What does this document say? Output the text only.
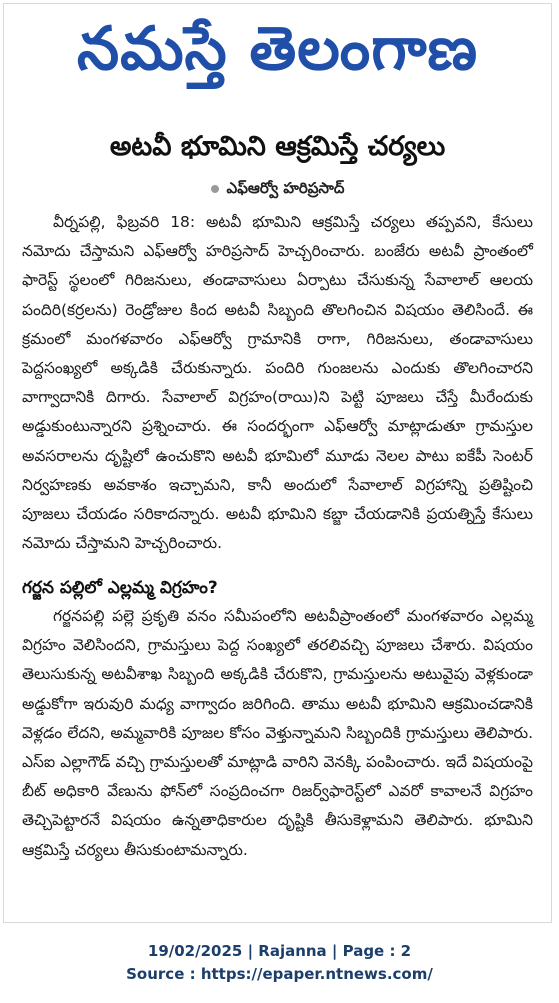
నమస్తే తెలంగాణ
అటవీ భూమిని ఆక్రమిస్తే చర్యలు
ఎఫ్‌ఆర్వో హరిప్రసాద్

వీర్నపల్లి, ఫిబ్రవరి 18: అటవీ భూమిని ఆక్రమిస్తే చర్యలు తప్పవని, కేసులు నమోదు చేస్తామని ఎఫ్‌ఆర్వో హరిప్రసాద్ హెచ్చరించారు. బంజేరు అటవీ ప్రాంతంలో ఫారెస్ట్ స్థలంలో గిరిజనులు, తండావాసులు ఏర్పాటు చేసుకున్న సేవాలాల్ ఆలయ పందిరి(కర్రలను) రెండ్రోజుల కింద అటవీ సిబ్బంది తొలగించిన విషయం తెలిసిందే. ఈ క్రమంలో మంగళవారం ఎఫ్‌ఆర్వో గ్రామానికి రాగా, గిరిజనులు, తండావాసులు పెద్దసంఖ్యలో అక్కడికి చేరుకున్నారు. పందిరి గుంజలను ఎందుకు తొలగించారని వాగ్వాదానికి దిగారు. సేవాలాల్ విగ్రహం(రాయి)ని పెట్టి పూజలు చేస్తే మీరేందుకు అడ్డుకుంటున్నారని ప్రశ్నించారు. ఈ సందర్భంగా ఎఫ్‌ఆర్వో మాట్లాడుతూ గ్రామస్తుల అవసరాలను దృష్టిలో ఉంచుకొని అటవీ భూమిలో మూడు నెలల పాటు ఐకేపీ సెంటర్ నిర్వహణకు అవకాశం ఇచ్చామని, కానీ అందులో సేవాలాల్ విగ్రహాన్ని ప్రతిష్టించి పూజలు చేయడం సరికాదన్నారు. అటవీ భూమిని కబ్జా చేయడానికి ప్రయత్నిస్తే కేసులు నమోదు చేస్తామని హెచ్చరించారు.

గర్జన పల్లిలో ఎల్లమ్మ విగ్రహం?

గర్జనపల్లి పల్లె ప్రకృతి వనం సమీపంలోని అటవీప్రాంతంలో మంగళవారం ఎల్లమ్మ విగ్రహం వెలిసిందని, గ్రామస్తులు పెద్ద సంఖ్యలో తరలివచ్చి పూజలు చేశారు. విషయం తెలుసుకున్న అటవీశాఖ సిబ్బంది అక్కడికి చేరుకొని, గ్రామస్తులను అటువైపు వెళ్లకుండా అడ్డుకోగా ఇరువురి మధ్య వాగ్వాదం జరిగింది. తాము అటవీ భూమిని ఆక్రమించడానికి వెళ్లడం లేదని, అమ్మవారికి పూజల కోసం వెళ్తున్నామని సిబ్బందికి గ్రామస్తులు తెలిపారు. ఎస్ఐ ఎల్లాగౌడ్ వచ్చి గ్రామస్తులతో మాట్లాడి వారిని వెనక్కి పంపించారు. ఇదే విషయంపై బీట్ అధికారి వేణును ఫోన్‌లో సంప్రదించగా రిజర్వ్‌ఫారెస్ట్‌లో ఎవరో కావాలనే విగ్రహం తెచ్చిపెట్టారనే విషయం ఉన్నతాధికారుల దృష్టికి తీసుకెళ్లామని తెలిపారు. భూమిని ఆక్రమిస్తే చర్యలు తీసుకుంటామన్నారు.

19/02/2025 | Rajanna | Page : 2
Source : https://epaper.ntnews.com/
